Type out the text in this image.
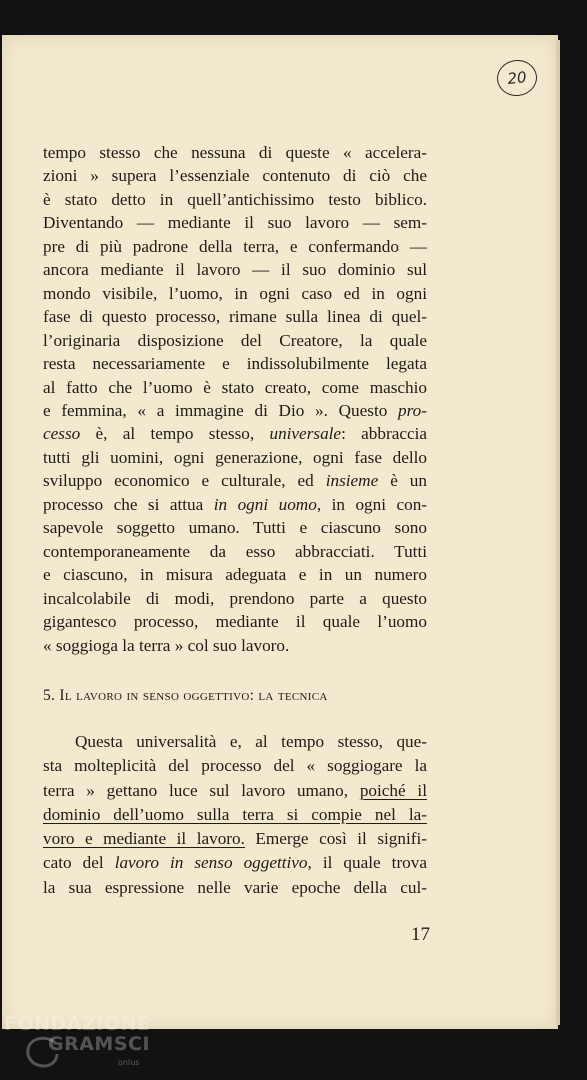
20
tempo stesso che nessuna di queste « accelera-
zioni » supera l’essenziale contenuto di ciò che
è stato detto in quell’antichissimo testo biblico.
Diventando — mediante il suo lavoro — sem-
pre di più padrone della terra, e confermando —
ancora mediante il lavoro — il suo dominio sul
mondo visibile, l’uomo, in ogni caso ed in ogni
fase di questo processo, rimane sulla linea di quel-
l’originaria disposizione del Creatore, la quale
resta necessariamente e indissolubilmente legata
al fatto che l’uomo è stato creato, come maschio
e femmina, « a immagine di Dio ». Questo pro-
cesso è, al tempo stesso, universale: abbraccia
tutti gli uomini, ogni generazione, ogni fase dello
sviluppo economico e culturale, ed insieme è un
processo che si attua in ogni uomo, in ogni con-
sapevole soggetto umano. Tutti e ciascuno sono
contemporaneamente da esso abbracciati. Tutti
e ciascuno, in misura adeguata e in un numero
incalcolabile di modi, prendono parte a questo
gigantesco processo, mediante il quale l’uomo
« soggioga la terra » col suo lavoro.
5. Il lavoro in senso oggettivo: la tecnica
Questa universalità e, al tempo stesso, que-
sta molteplicità del processo del « soggiogare la
terra » gettano luce sul lavoro umano, poiché il
dominio dell’uomo sulla terra si compie nel la-
voro e mediante il lavoro. Emerge così il signifi-
cato del lavoro in senso oggettivo, il quale trova
la sua espressione nelle varie epoche della cul-
17
FONDAZIONE
GRAMSCI
onlus
